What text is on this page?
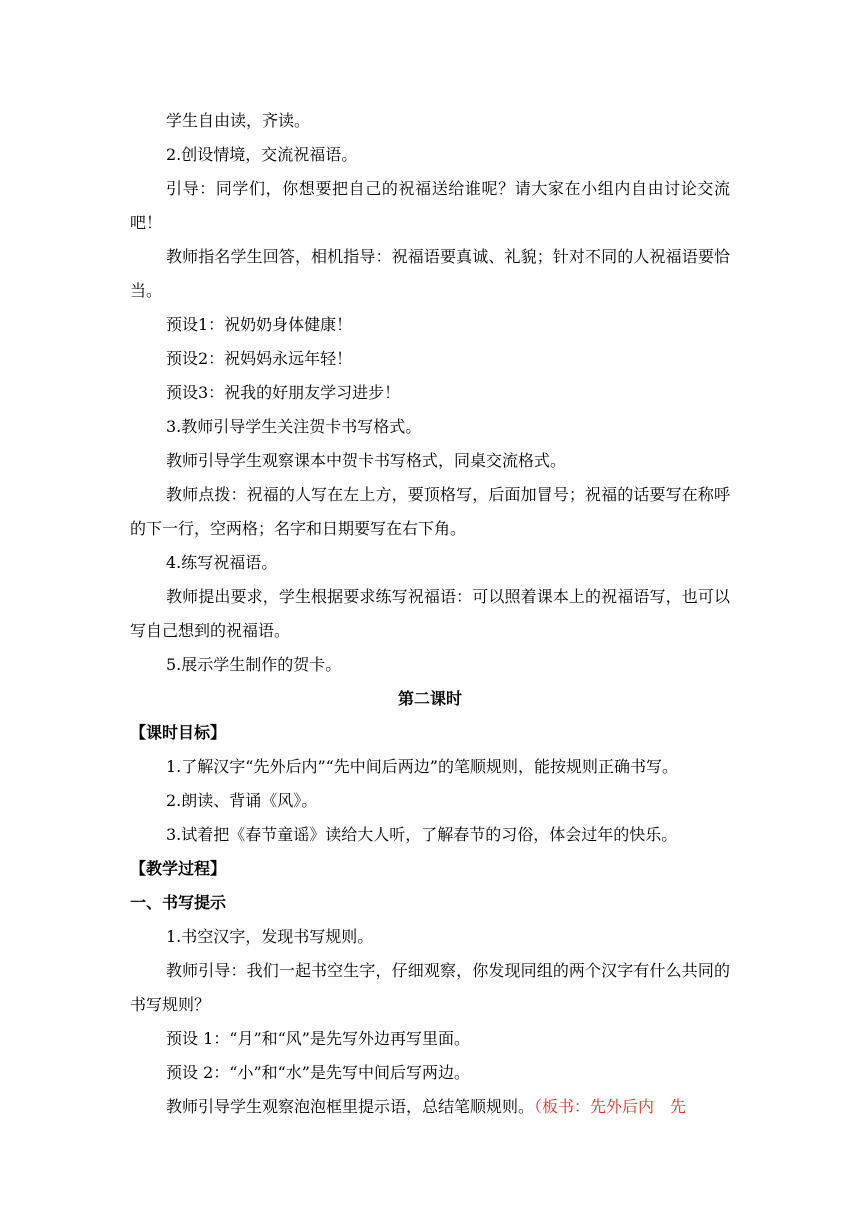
学生自由读，齐读。

2.创设情境，交流祝福语。

引导：同学们，你想要把自己的祝福送给谁呢？请大家在小组内自由讨论交流吧！

教师指名学生回答，相机指导：祝福语要真诚、礼貌；针对不同的人祝福语要恰当。

预设1：祝奶奶身体健康！

预设2：祝妈妈永远年轻！

预设3：祝我的好朋友学习进步！

3.教师引导学生关注贺卡书写格式。

教师引导学生观察课本中贺卡书写格式，同桌交流格式。

教师点拨：祝福的人写在左上方，要顶格写，后面加冒号；祝福的话要写在称呼的下一行，空两格；名字和日期要写在右下角。

4.练写祝福语。

教师提出要求，学生根据要求练写祝福语：可以照着课本上的祝福语写，也可以写自己想到的祝福语。

5.展示学生制作的贺卡。

第二课时

【课时目标】

1.了解汉字“先外后内”“先中间后两边”的笔顺规则，能按规则正确书写。

2.朗读、背诵《风》。

3.试着把《春节童谣》读给大人听，了解春节的习俗，体会过年的快乐。

【教学过程】

一、书写提示

1.书空汉字，发现书写规则。

教师引导：我们一起书空生字，仔细观察，你发现同组的两个汉字有什么共同的书写规则？

预设 1：“月”和“风”是先写外边再写里面。

预设 2：“小”和“水”是先写中间后写两边。

教师引导学生观察泡泡框里提示语，总结笔顺规则。（板书：先外后内　先
